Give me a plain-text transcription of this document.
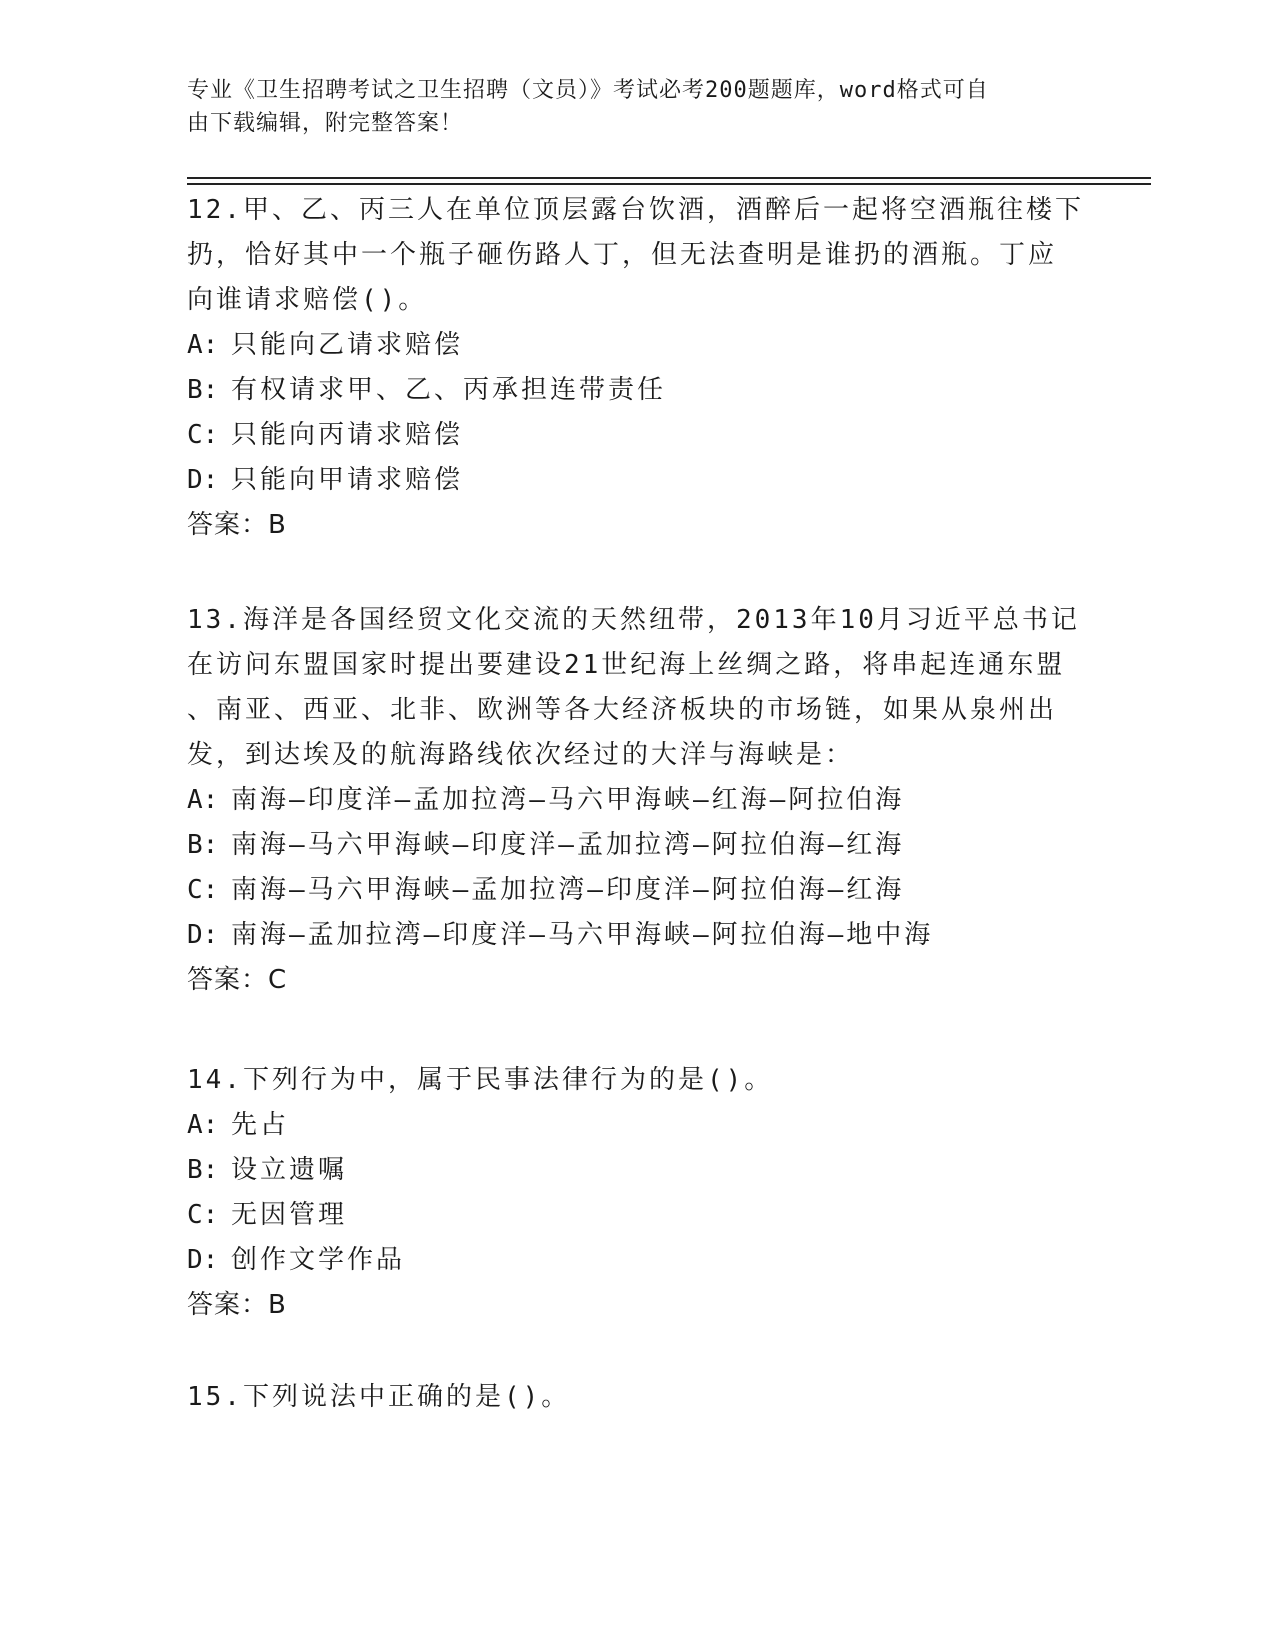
专业《卫生招聘考试之卫生招聘（文员）》考试必考200题题库，word格式可自
由下载编辑，附完整答案！

12.甲、乙、丙三人在单位顶层露台饮酒，酒醉后一起将空酒瓶往楼下
扔，恰好其中一个瓶子砸伤路人丁，但无法查明是谁扔的酒瓶。丁应
向谁请求赔偿()。

A: 只能向乙请求赔偿

B: 有权请求甲、乙、丙承担连带责任

C: 只能向丙请求赔偿

D: 只能向甲请求赔偿

答案：B

13.海洋是各国经贸文化交流的天然纽带，2013年10月习近平总书记
在访问东盟国家时提出要建设21世纪海上丝绸之路，将串起连通东盟
、南亚、西亚、北非、欧洲等各大经济板块的市场链，如果从泉州出
发，到达埃及的航海路线依次经过的大洋与海峡是：

A: 南海—印度洋—孟加拉湾—马六甲海峡—红海—阿拉伯海

B: 南海—马六甲海峡—印度洋—孟加拉湾—阿拉伯海—红海

C: 南海—马六甲海峡—孟加拉湾—印度洋—阿拉伯海—红海

D: 南海—孟加拉湾—印度洋—马六甲海峡—阿拉伯海—地中海

答案：C

14.下列行为中，属于民事法律行为的是()。

A: 先占

B: 设立遗嘱

C: 无因管理

D: 创作文学作品

答案：B

15.下列说法中正确的是()。
